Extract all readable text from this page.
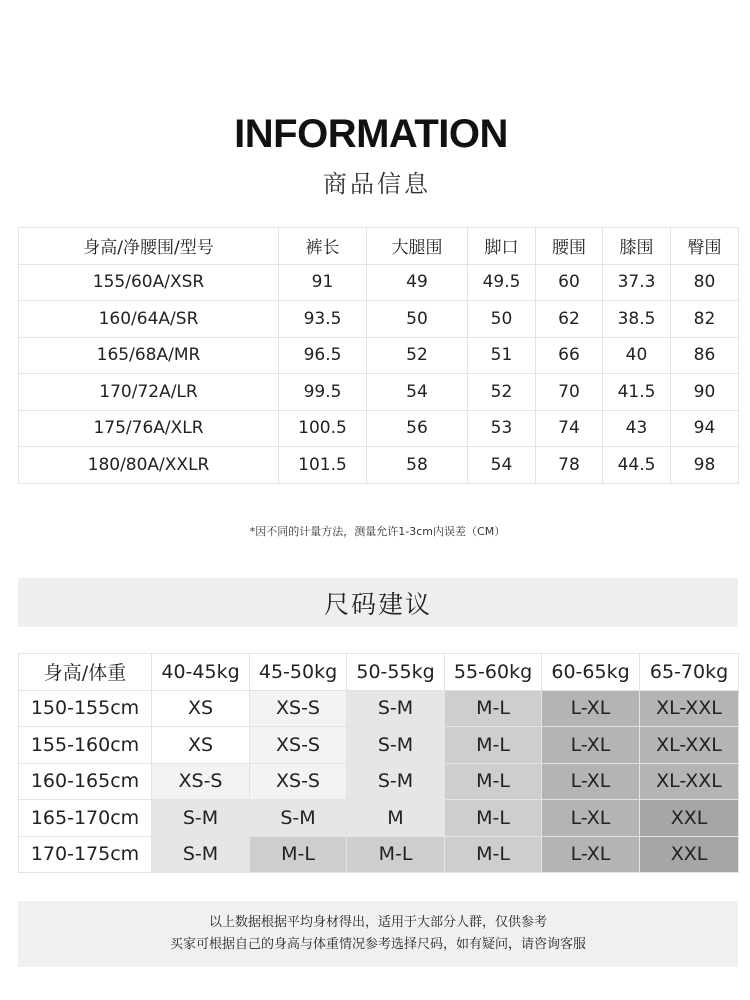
INFORMATION
商品信息
身高/净腰围/型号	裤长	大腿围	脚口	腰围	膝围	臀围
155/60A/XSR	91	49	49.5	60	37.3	80
160/64A/SR	93.5	50	50	62	38.5	82
165/68A/MR	96.5	52	51	66	40	86
170/72A/LR	99.5	54	52	70	41.5	90
175/76A/XLR	100.5	56	53	74	43	94
180/80A/XXLR	101.5	58	54	78	44.5	98
*因不同的计量方法，测量允许1-3cm内误差（CM）
尺码建议
身高/体重	40-45kg	45-50kg	50-55kg	55-60kg	60-65kg	65-70kg
150-155cm	XS	XS-S	S-M	M-L	L-XL	XL-XXL
155-160cm	XS	XS-S	S-M	M-L	L-XL	XL-XXL
160-165cm	XS-S	XS-S	S-M	M-L	L-XL	XL-XXL
165-170cm	S-M	S-M	M	M-L	L-XL	XXL
170-175cm	S-M	M-L	M-L	M-L	L-XL	XXL
以上数据根据平均身材得出，适用于大部分人群，仅供参考
买家可根据自己的身高与体重情况参考选择尺码，如有疑问，请咨询客服
